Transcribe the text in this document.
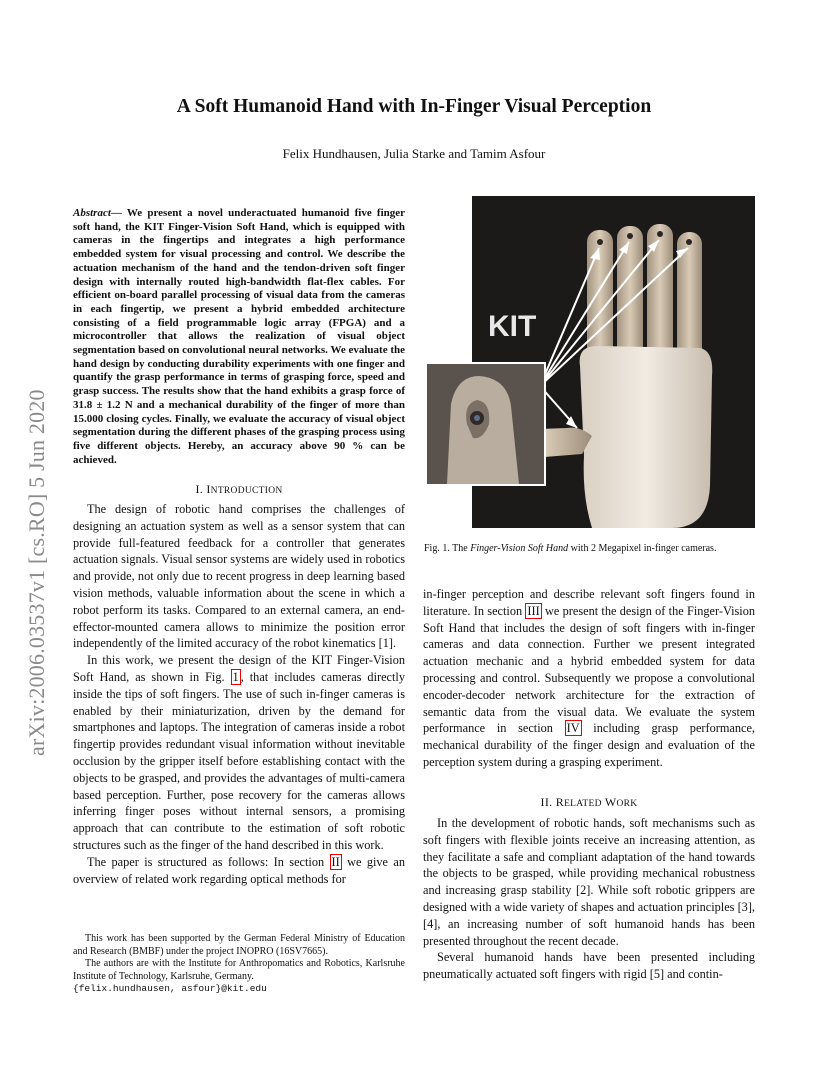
A Soft Humanoid Hand with In-Finger Visual Perception
Felix Hundhausen, Julia Starke and Tamim Asfour
arXiv:2006.03537v1 [cs.RO] 5 Jun 2020
Abstract— We present a novel underactuated humanoid five finger soft hand, the KIT Finger-Vision Soft Hand, which is equipped with cameras in the fingertips and integrates a high performance embedded system for visual processing and control. We describe the actuation mechanism of the hand and the tendon-driven soft finger design with internally routed high-bandwidth flat-flex cables. For efficient on-board parallel processing of visual data from the cameras in each fingertip, we present a hybrid embedded architecture consisting of a field programmable logic array (FPGA) and a microcontroller that allows the realization of visual object segmentation based on convolutional neural networks. We evaluate the hand design by conducting durability experiments with one finger and quantify the grasp performance in terms of grasping force, speed and grasp success. The results show that the hand exhibits a grasp force of 31.8 ± 1.2 N and a mechanical durability of the finger of more than 15.000 closing cycles. Finally, we evaluate the accuracy of visual object segmentation during the different phases of the grasping process using five different objects. Hereby, an accuracy above 90 % can be achieved.
I. INTRODUCTION

The design of robotic hand comprises the challenges of designing an actuation system as well as a sensor system that can provide full-featured feedback for a controller that generates actuation signals. Visual sensor systems are widely used in robotics and provide, not only due to recent progress in deep learning based vision methods, valuable information about the scene in which a robot perform its tasks. Compared to an external camera, an end-effector-mounted camera allows to minimize the position error independently of the limited accuracy of the robot kinematics [1].

In this work, we present the design of the KIT Finger-Vision Soft Hand, as shown in Fig. 1 , that includes cameras directly inside the tips of soft fingers. The use of such in-finger cameras is enabled by their miniaturization, driven by the demand for smartphones and laptops. The integration of cameras inside a robot fingertip provides redundant visual information without inevitable occlusion by the gripper itself before establishing contact with the objects to be grasped, and provides the advantages of multi-camera based perception. Further, pose recovery for the cameras allows inferring finger poses without internal sensors, a promising approach that can contribute to the estimation of soft robotic structures such as the finger of the hand described in this work.

The paper is structured as follows: In section II we give an overview of related work regarding optical methods for

This work has been supported by the German Federal Ministry of Education and Research (BMBF) under the project INOPRO (16SV7665).

The authors are with the Institute for Anthropomatics and Robotics, Karlsruhe Institute of Technology, Karlsruhe, Germany.

{felix.hundhausen, asfour}@kit.edu
KIT
Fig. 1. The Finger-Vision Soft Hand with 2 Megapixel in-finger cameras.

in-finger perception and describe relevant soft fingers found in literature. In section III we present the design of the Finger-Vision Soft Hand that includes the design of soft fingers with in-finger cameras and data connection. Further we present integrated actuation mechanic and a hybrid embedded system for data processing and control. Subsequently we propose a convolutional encoder-decoder network architecture for the extraction of semantic data from the visual data. We evaluate the system performance in section IV including grasp performance, mechanical durability of the finger design and evaluation of the perception system during a grasping experiment.

II. RELATED WORK

In the development of robotic hands, soft mechanisms such as soft fingers with flexible joints receive an increasing attention, as they facilitate a safe and compliant adaptation of the hand towards the objects to be grasped, while providing mechanical robustness and increasing grasp stability [2]. While soft robotic grippers are designed with a wide variety of shapes and actuation principles [3], [4], an increasing number of soft humanoid hands has been presented throughout the recent decade.

Several humanoid hands have been presented including pneumatically actuated soft fingers with rigid [5] and contin-
